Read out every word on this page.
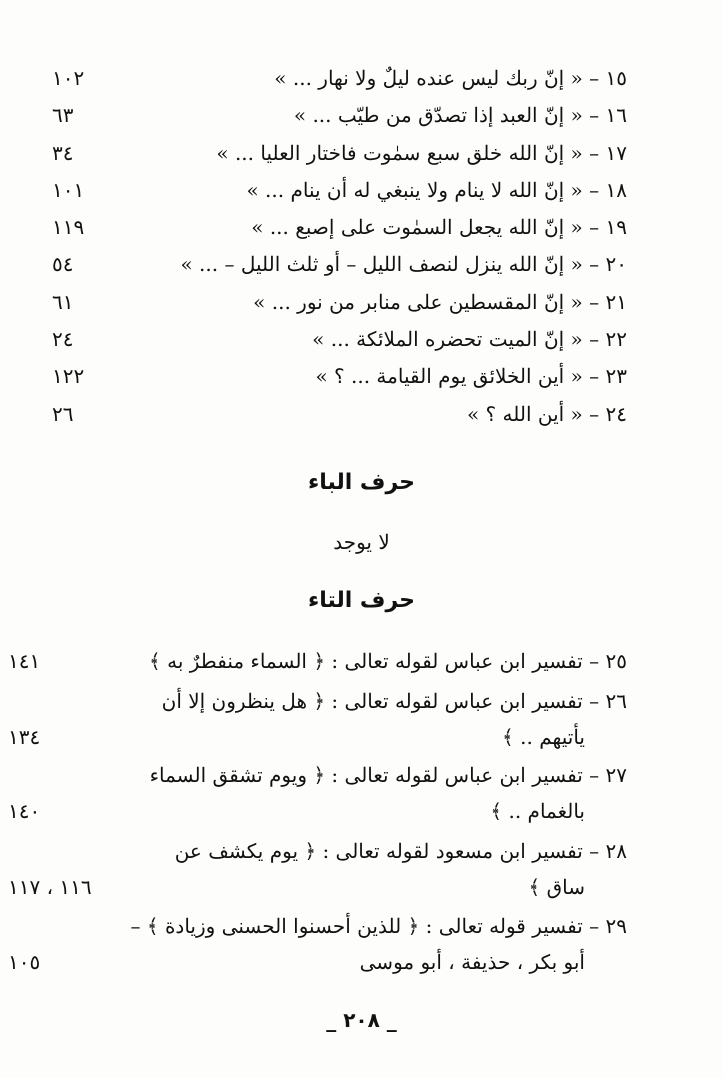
١٥ – « إنّ ربك ليس عنده ليلٌ ولا نهار ... »
١٠٢
١٦ – « إنّ العبد إذا تصدّق من طيّب ... »
٦٣
١٧ – « إنّ الله خلق سبع سمٰوت فاختار العليا ... »
٣٤
١٨ – « إنّ الله لا ينام ولا ينبغي له أن ينام ... »
١٠١
١٩ – « إنّ الله يجعل السمٰوت على إصبع ... »
١١٩
٢٠ – « إنّ الله ينزل لنصف الليل – أو ثلث الليل – ... »
٥٤
٢١ – « إنّ المقسطين على منابر من نور ... »
٦١
٢٢ – « إنّ الميت تحضره الملائكة ... »
٢٤
٢٣ – « أين الخلائق يوم القيامة ... ؟ »
١٢٢
٢٤ – « أين الله ؟ »
٢٦
حرف الباء
لا يوجد
حرف التاء
٢٥ – تفسير ابن عباس لقوله تعالى : ﴿ السماء منفطرٌ به ﴾
١٤١
٢٦ – تفسير ابن عباس لقوله تعالى : ﴿ هل ينظرون إلا أن
يأتيهم .. ﴾
١٣٤
٢٧ – تفسير ابن عباس لقوله تعالى : ﴿ ويوم تشقق السماء
بالغمام .. ﴾
١٤٠
٢٨ – تفسير ابن مسعود لقوله تعالى : ﴿ يوم يكشف عن
ساق ﴾
١١٦ ، ١١٧
٢٩ – تفسير قوله تعالى : ﴿ للذين أحسنوا الحسنى وزيادة ﴾ –
أبو بكر ، حذيفة ، أبو موسى
١٠٥
_ ٢٠٨ _
